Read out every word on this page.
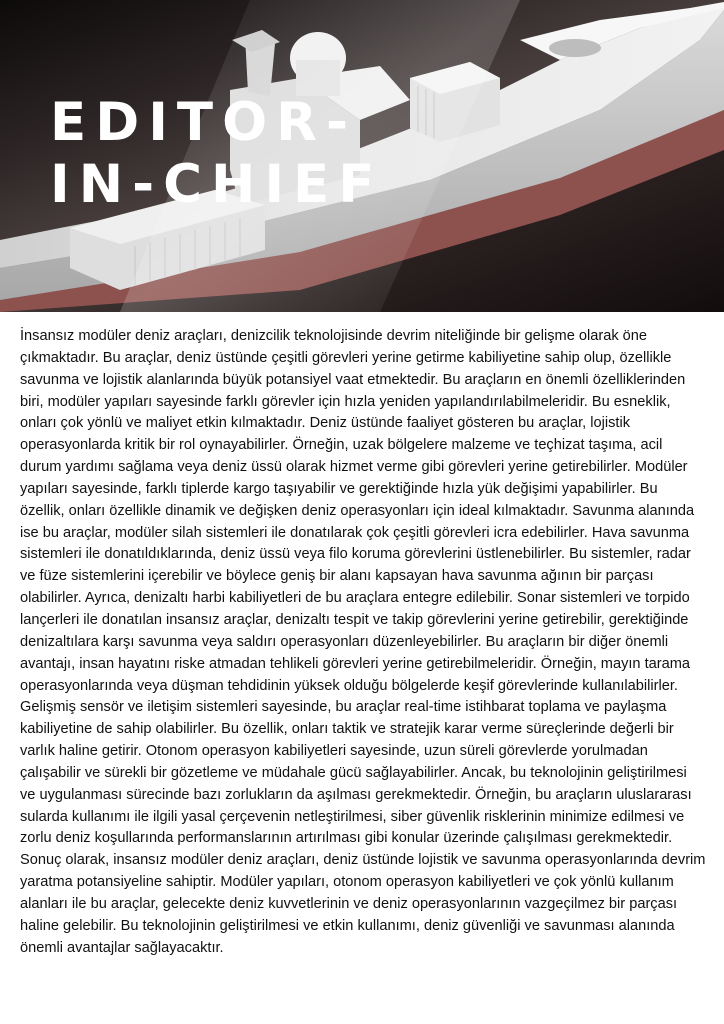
EDITOR-
IN-CHIEF

İnsansız modüler deniz araçları, denizcilik teknolojisinde devrim niteliğinde bir gelişme olarak öne çıkmaktadır. Bu araçlar, deniz üstünde çeşitli görevleri yerine getirme kabiliyetine sahip olup, özellikle savunma ve lojistik alanlarında büyük potansiyel vaat etmektedir. Bu araçların en önemli özelliklerinden biri, modüler yapıları sayesinde farklı görevler için hızla yeniden yapılandırılabilmeleridir. Bu esneklik, onları çok yönlü ve maliyet etkin kılmaktadır. Deniz üstünde faaliyet gösteren bu araçlar, lojistik operasyonlarda kritik bir rol oynayabilirler. Örneğin, uzak bölgelere malzeme ve teçhizat taşıma, acil durum yardımı sağlama veya deniz üssü olarak hizmet verme gibi görevleri yerine getirebilirler. Modüler yapıları sayesinde, farklı tiplerde kargo taşıyabilir ve gerektiğinde hızla yük değişimi yapabilirler. Bu özellik, onları özellikle dinamik ve değişken deniz operasyonları için ideal kılmaktadır. Savunma alanında ise bu araçlar, modüler silah sistemleri ile donatılarak çok çeşitli görevleri icra edebilirler. Hava savunma sistemleri ile donatıldıklarında, deniz üssü veya filo koruma görevlerini üstlenebilirler. Bu sistemler, radar ve füze sistemlerini içerebilir ve böylece geniş bir alanı kapsayan hava savunma ağının bir parçası olabilirler. Ayrıca, denizaltı harbi kabiliyetleri de bu araçlara entegre edilebilir. Sonar sistemleri ve torpido lançerleri ile donatılan insansız araçlar, denizaltı tespit ve takip görevlerini yerine getirebilir, gerektiğinde denizaltılara karşı savunma veya saldırı operasyonları düzenleyebilirler. Bu araçların bir diğer önemli avantajı, insan hayatını riske atmadan tehlikeli görevleri yerine getirebilmeleridir. Örneğin, mayın tarama operasyonlarında veya düşman tehdidinin yüksek olduğu bölgelerde keşif görevlerinde kullanılabilirler. Gelişmiş sensör ve iletişim sistemleri sayesinde, bu araçlar real-time istihbarat toplama ve paylaşma kabiliyetine de sahip olabilirler. Bu özellik, onları taktik ve stratejik karar verme süreçlerinde değerli bir varlık haline getirir. Otonom operasyon kabiliyetleri sayesinde, uzun süreli görevlerde yorulmadan çalışabilir ve sürekli bir gözetleme ve müdahale gücü sağlayabilirler. Ancak, bu teknolojinin geliştirilmesi ve uygulanması sürecinde bazı zorlukların da aşılması gerekmektedir. Örneğin, bu araçların uluslararası sularda kullanımı ile ilgili yasal çerçevenin netleştirilmesi, siber güvenlik risklerinin minimize edilmesi ve zorlu deniz koşullarında performanslarının artırılması gibi konular üzerinde çalışılması gerekmektedir. Sonuç olarak, insansız modüler deniz araçları, deniz üstünde lojistik ve savunma operasyonlarında devrim yaratma potansiyeline sahiptir. Modüler yapıları, otonom operasyon kabiliyetleri ve çok yönlü kullanım alanları ile bu araçlar, gelecekte deniz kuvvetlerinin ve deniz operasyonlarının vazgeçilmez bir parçası haline gelebilir. Bu teknolojinin geliştirilmesi ve etkin kullanımı, deniz güvenliği ve savunması alanında önemli avantajlar sağlayacaktır.
